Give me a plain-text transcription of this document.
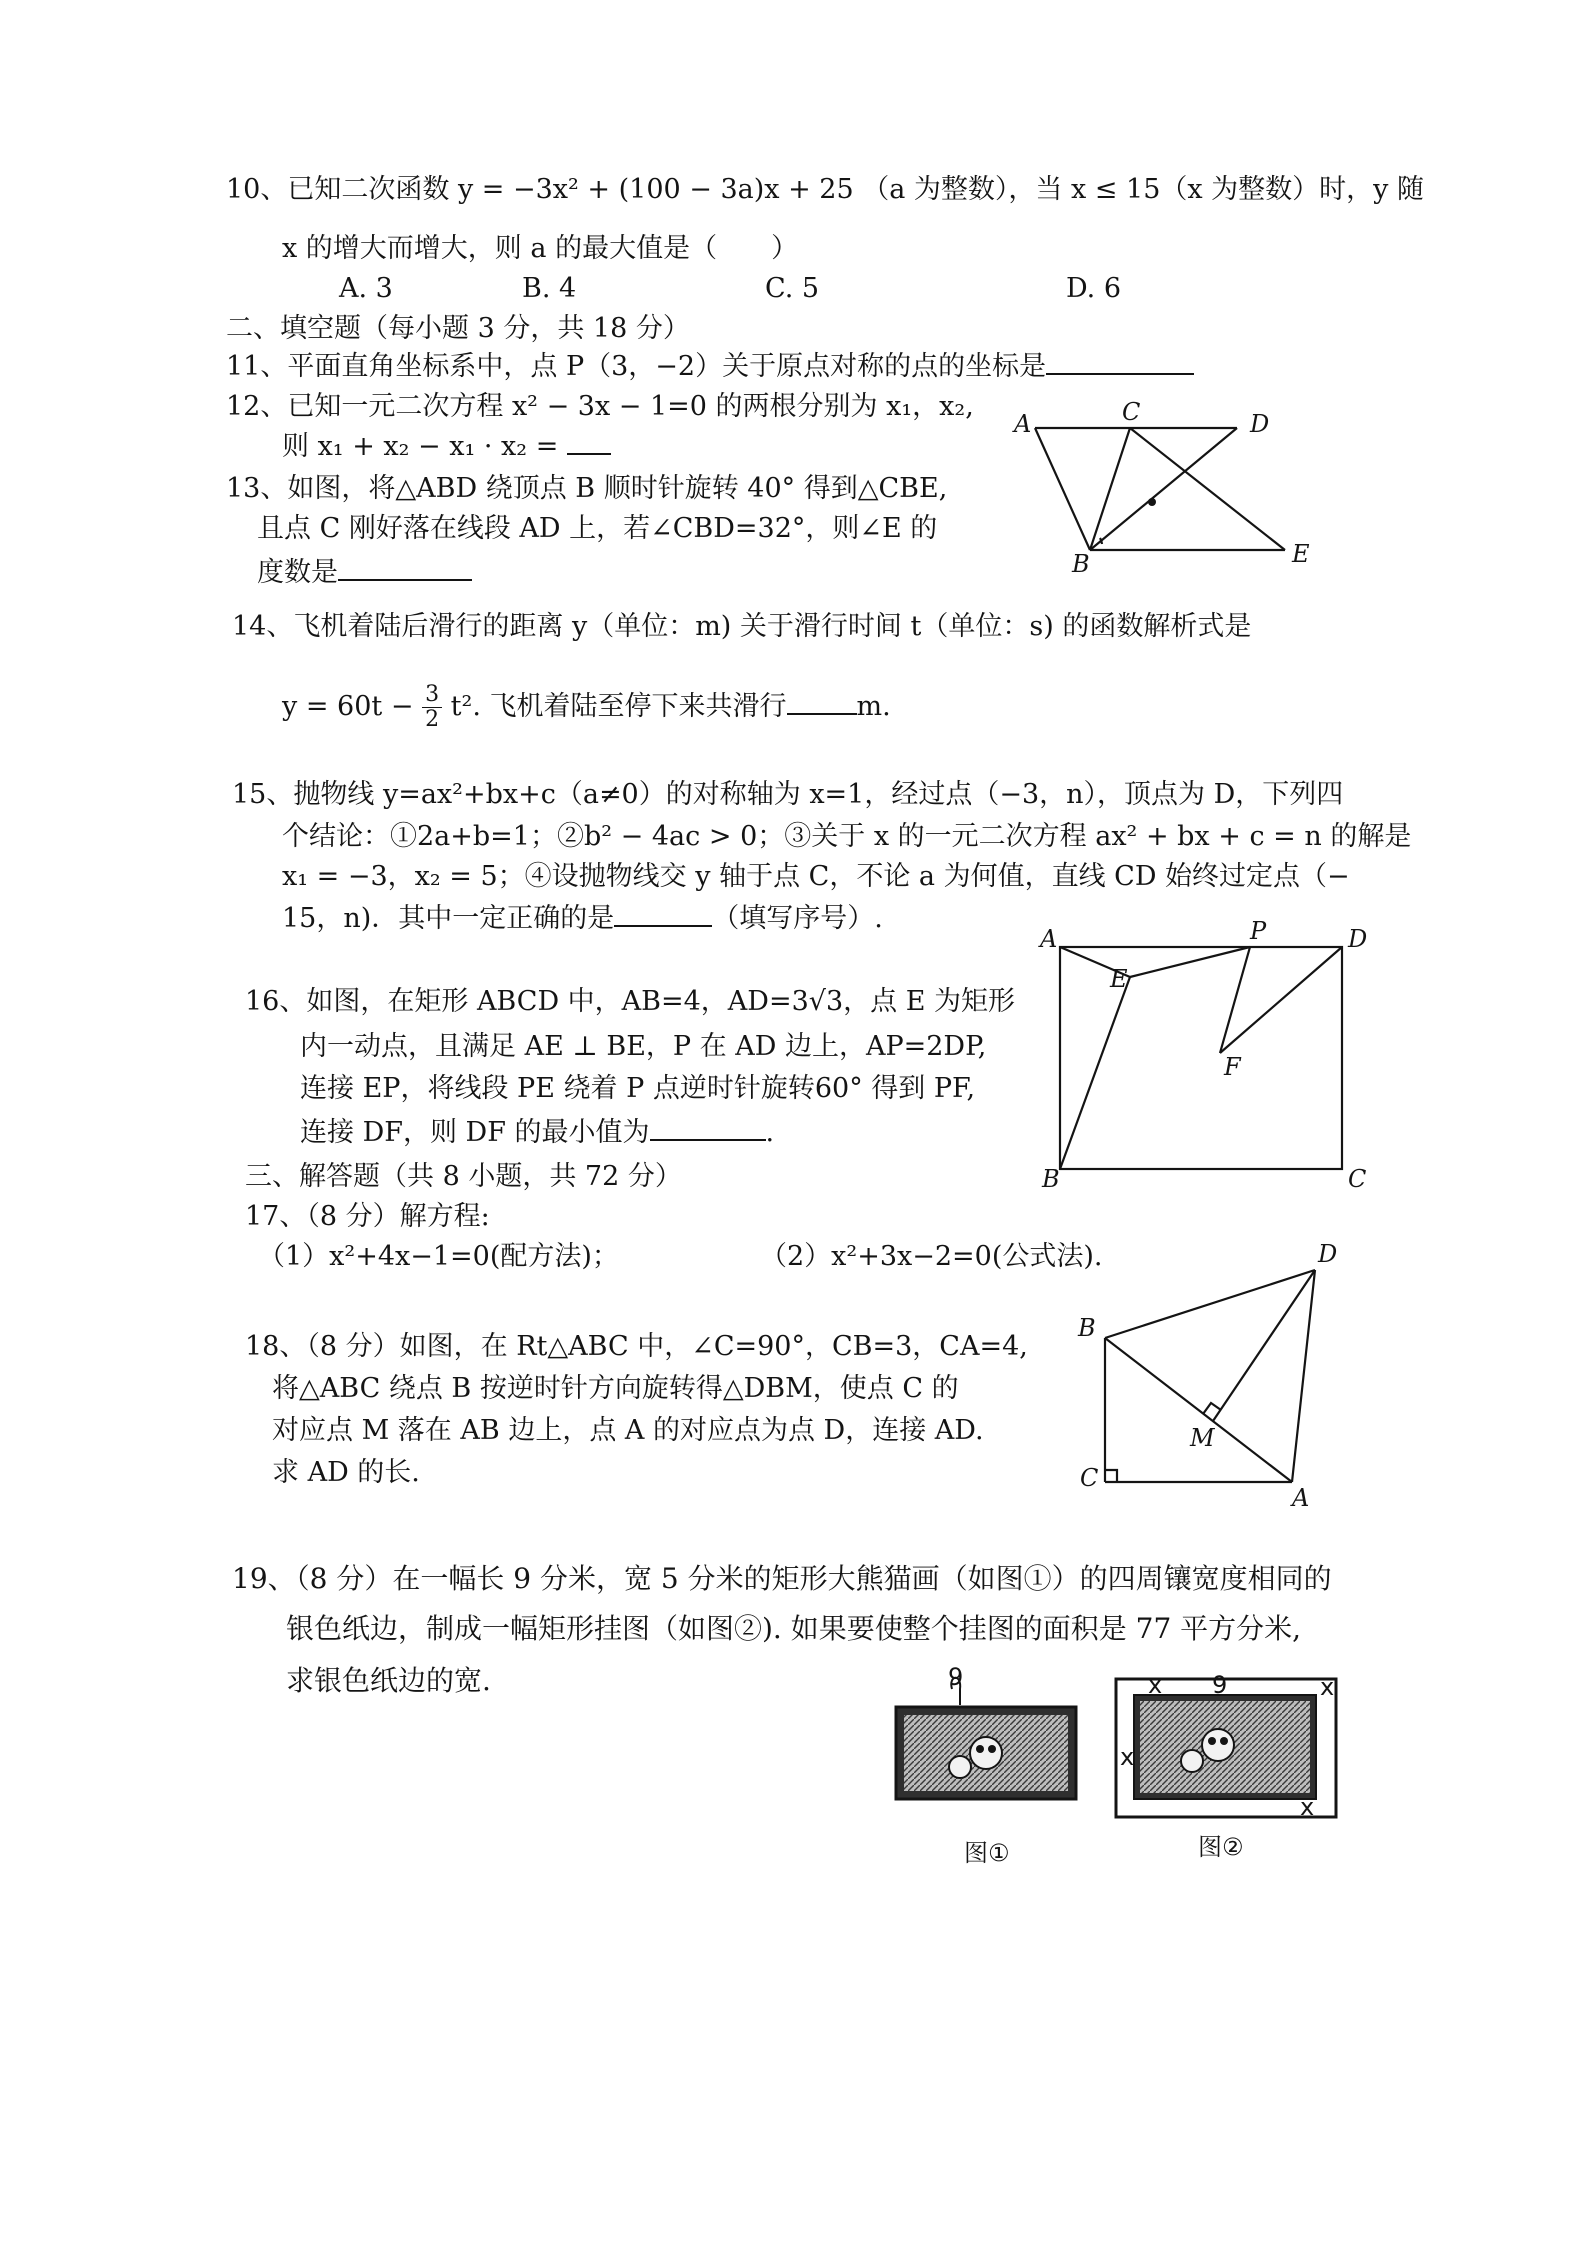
10、已知二次函数 y = −3x² + (100 − 3a)x + 25 （a 为整数），当 x ≤ 15（x 为整数）时，y 随
x 的增大而增大，则 a 的最大值是（　　）
A. 3	B. 4	C. 5	D. 6
二、填空题（每小题 3 分，共 18 分）
11、平面直角坐标系中，点 P（3，−2）关于原点对称的点的坐标是
12、已知一元二次方程 x² − 3x − 1=0 的两根分别为 x₁，x₂,
则 x₁ + x₂ − x₁ · x₂ =
13、如图，将△ABD 绕顶点 B 顺时针旋转 40° 得到△CBE,
且点 C 刚好落在线段 AD 上，若∠CBD=32°，则∠E 的
度数是
A	C	D
B	E
14、飞机着陆后滑行的距离 y（单位：m) 关于滑行时间 t（单位：s) 的函数解析式是
$y = 60t - \frac{3}{2} t^2$. 飞机着陆至停下来共滑行	m.
15、抛物线 y=ax²+bx+c（a≠0）的对称轴为 x=1，经过点（−3，n），顶点为 D，下列四
个结论：①2a+b=1；②b² − 4ac > 0；③关于 x 的一元二次方程 ax² + bx + c = n 的解是
x₁ = −3，x₂ = 5；④设抛物线交 y 轴于点 C，不论 a 为何值，直线 CD 始终过定点（−
15，n)．其中一定正确的是	（填写序号）.
16、如图，在矩形 ABCD 中，AB=4，AD=3√3，点 E 为矩形
内一动点，且满足 AE ⊥ BE，P 在 AD 边上，AP=2DP,
连接 EP，将线段 PE 绕着 P 点逆时针旋转60° 得到 PF,
连接 DF，则 DF 的最小值为	.
A	P	D
E
F
B	C
三、解答题（共 8 小题，共 72 分）
17、（8 分）解方程:
（1）x²+4x−1=0(配方法)；	（2）x²+3x−2=0(公式法).
18、（8 分）如图，在 Rt△ABC 中，∠C=90°，CB=3，CA=4,
将△ABC 绕点 B 按逆时针方向旋转得△DBM，使点 C 的
对应点 M 落在 AB 边上，点 A 的对应点为点 D，连接 AD.
求 AD 的长.
D
B
M
C
A
19、（8 分）在一幅长 9 分米，宽 5 分米的矩形大熊猫画（如图①）的四周镶宽度相同的
银色纸边，制成一幅矩形挂图（如图②). 如果要使整个挂图的面积是 77 平方分米,
求银色纸边的宽.	9
图①
x 9	x
x
x
图②
